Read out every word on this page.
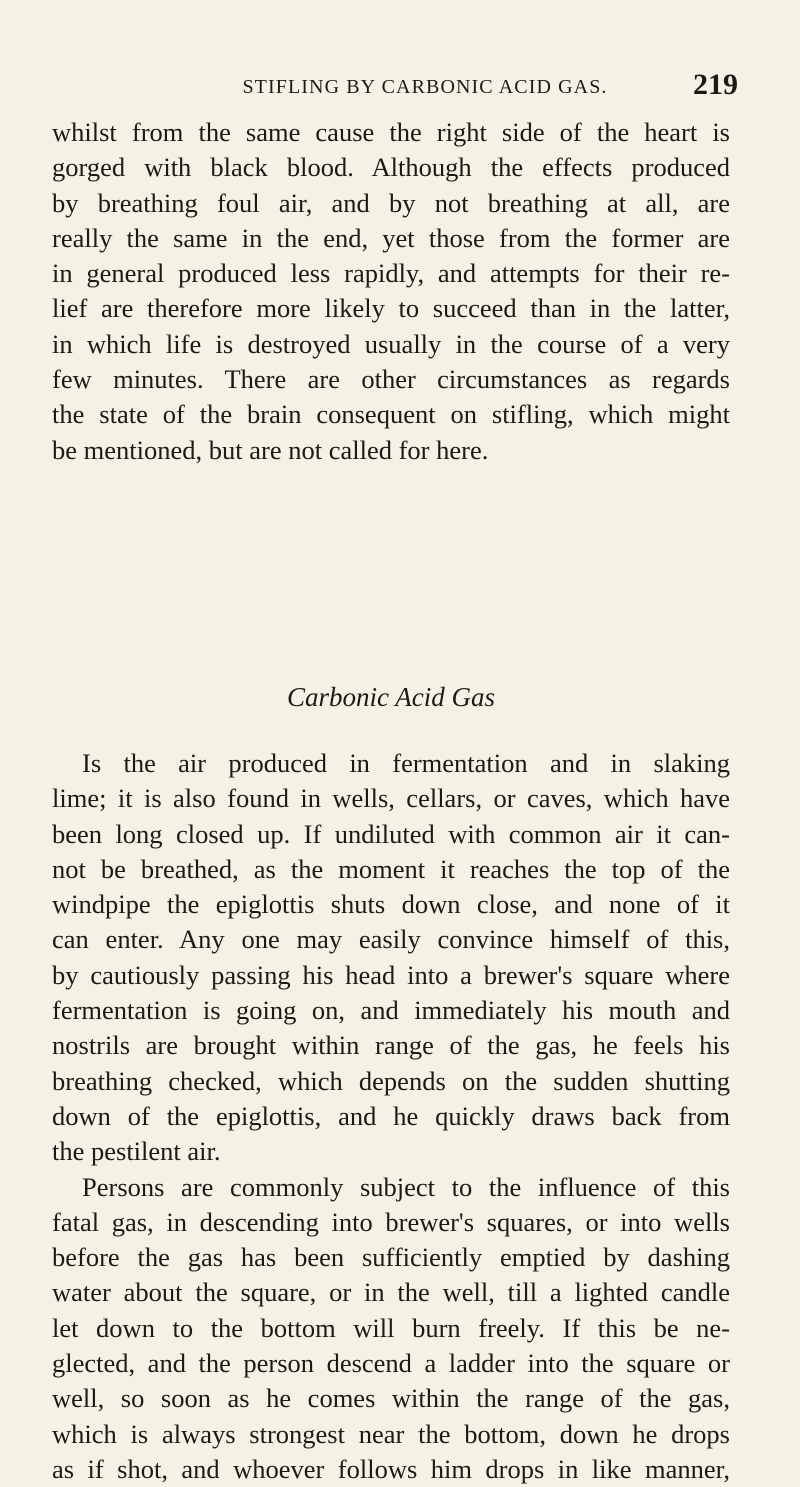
STIFLING BY CARBONIC ACID GAS.	219

whilst from the same cause the right side of the heart is
gorged with black blood. Although the effects produced
by breathing foul air, and by not breathing at all, are
really the same in the end, yet those from the former are
in general produced less rapidly, and attempts for their re-
lief are therefore more likely to succeed than in the latter,
in which life is destroyed usually in the course of a very
few minutes. There are other circumstances as regards
the state of the brain consequent on stifling, which might
be mentioned, but are not called for here.

Carbonic Acid Gas

Is the air produced in fermentation and in slaking
lime; it is also found in wells, cellars, or caves, which have
been long closed up. If undiluted with common air it can-
not be breathed, as the moment it reaches the top of the
windpipe the epiglottis shuts down close, and none of it
can enter. Any one may easily convince himself of this,
by cautiously passing his head into a brewer's square where
fermentation is going on, and immediately his mouth and
nostrils are brought within range of the gas, he feels his
breathing checked, which depends on the sudden shutting
down of the epiglottis, and he quickly draws back from
the pestilent air.

Persons are commonly subject to the influence of this
fatal gas, in descending into brewer's squares, or into wells
before the gas has been sufficiently emptied by dashing
water about the square, or in the well, till a lighted candle
let down to the bottom will burn freely. If this be ne-
glected, and the person descend a ladder into the square or
well, so soon as he comes within the range of the gas,
which is always strongest near the bottom, down he drops
as if shot, and whoever follows him drops in like manner,
